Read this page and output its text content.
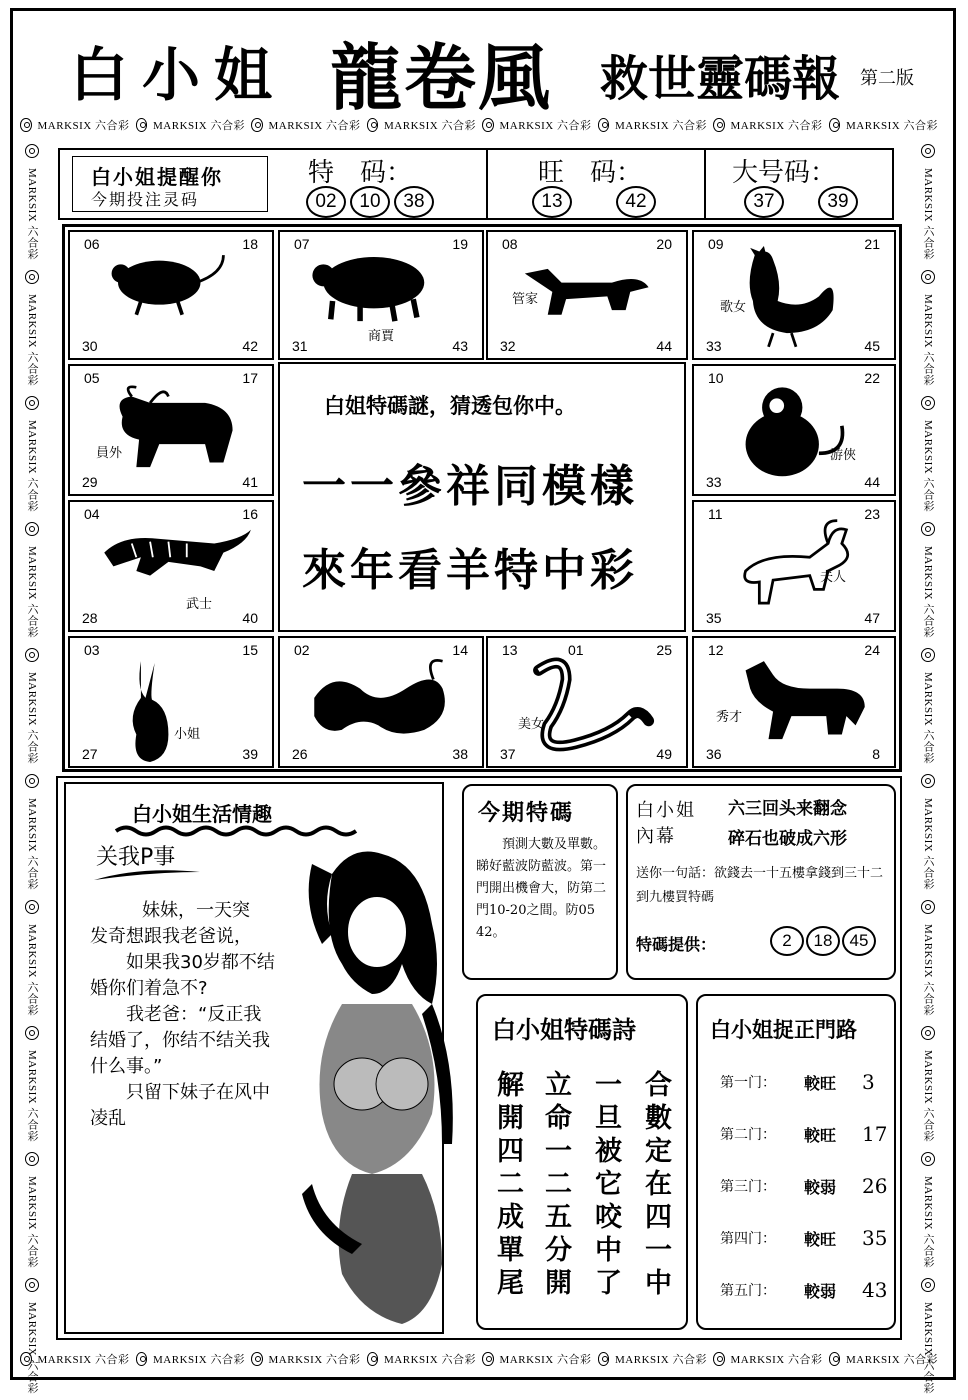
白小姐 龍卷風 救世靈碼報 第二版
MARKSIX 六合彩 MARKSIX 六合彩 MARKSIX 六合彩 MARKSIX 六合彩 MARKSIX 六合彩 MARKSIX 六合彩 MARKSIX 六合彩 MARKSIX 六合彩
MARKSIX 六合彩 MARKSIX 六合彩 MARKSIX 六合彩 MARKSIX 六合彩 MARKSIX 六合彩 MARKSIX 六合彩 MARKSIX 六合彩 MARKSIX 六合彩
MARKSIX 六合彩MARKSIX 六合彩MARKSIX 六合彩MARKSIX 六合彩MARKSIX 六合彩MARKSIX 六合彩MARKSIX 六合彩MARKSIX 六合彩MARKSIX 六合彩MARKSIX 六合彩
MARKSIX 六合彩MARKSIX 六合彩MARKSIX 六合彩MARKSIX 六合彩MARKSIX 六合彩MARKSIX 六合彩MARKSIX 六合彩MARKSIX 六合彩MARKSIX 六合彩MARKSIX 六合彩
白小姐提醒你
今期投注灵码
特　码：
02	10	38
旺　码：
13	42
大号码：
37	39
06	18
30	42
07	19
31	43
商賈
08	20
32	44
管家
09	21
33	45
歌女
05	17
29	41
員外
10	22
33	44
游俠
04	16
28	40
武士
11	23
35	47
夫人
03	15
27	39
小姐
02	14
26	38
13	25
37	49
01
美女
12	24
36	8
秀才
白姐特碼謎，猜透包你中。
一一參祥同模樣
來年看羊特中彩
白小姐生活情趣
关我P事
妹妹，一天突
发奇想跟我老爸说，
如果我30岁都不结
婚你们着急不?
我老爸：“反正我
结婚了，你结不结关我
什么事。”
只留下妹子在风中
凌乱
今期特碼
預測大數及單數。睇好藍波防藍波。第一門開出機會大，防第二門10-20之間。防05 42。
白小姐
內幕
六三回头来翻念
碎石也破成六形
送你一句話：欲錢去一十五樓拿錢到三十二到九樓買特碼
特碼提供：	2	18	45
白小姐特碼詩
合數定在四一中
一旦被它咬中了
立命一二五分開
解開四二成單尾
白小姐捉正門路
第一门：	較旺	3
第二门：	較旺	17
第三门：	較弱	26
第四门：	較旺	35
第五门：	較弱	43
